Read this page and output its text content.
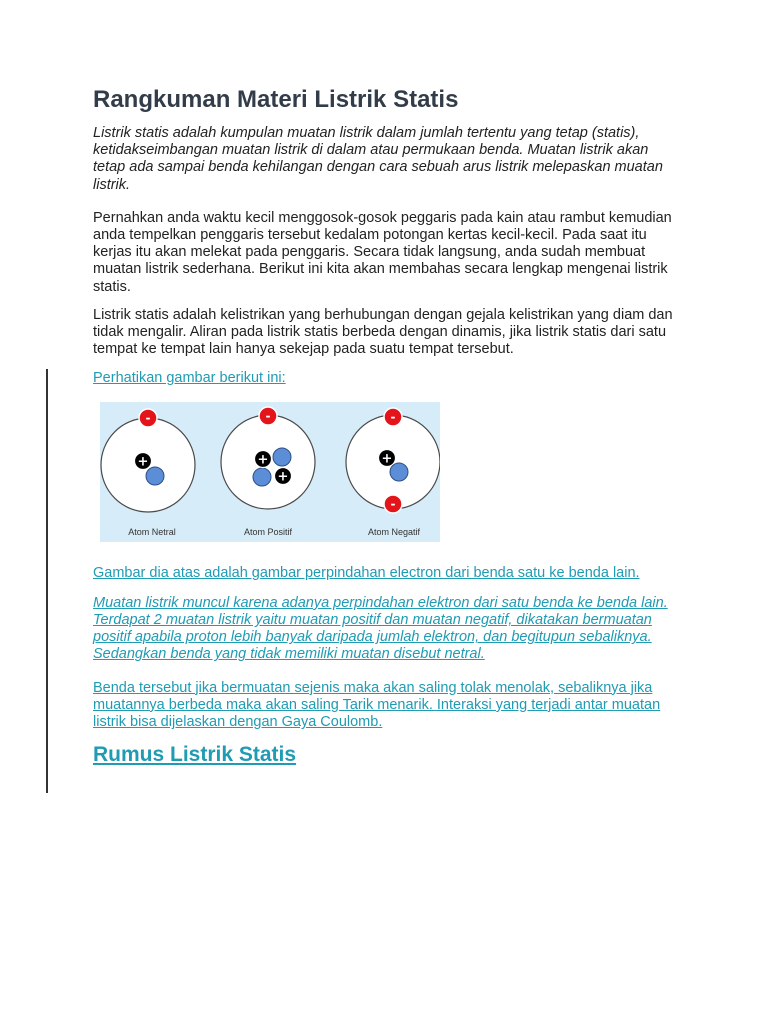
Rangkuman Materi Listrik Statis

Listrik statis adalah kumpulan muatan listrik dalam jumlah tertentu yang tetap (statis), ketidakseimbangan muatan listrik di dalam atau permukaan benda. Muatan listrik akan tetap ada sampai benda kehilangan dengan cara sebuah arus listrik melepaskan muatan listrik.

Pernahkan anda waktu kecil menggosok-gosok peggaris pada kain atau rambut kemudian anda tempelkan penggaris tersebut kedalam potongan kertas kecil-kecil. Pada saat itu kerjas itu akan melekat pada penggaris. Secara tidak langsung, anda sudah membuat muatan listrik sederhana. Berikut ini kita akan membahas secara lengkap mengenai listrik statis.

Listrik statis adalah kelistrikan yang berhubungan dengan gejala kelistrikan yang diam dan tidak mengalir. Aliran pada listrik statis berbeda dengan dinamis, jika listrik statis dari satu tempat ke tempat lain hanya sekejap pada suatu tempat tersebut.

Perhatikan gambar berikut ini:

-
+
Atom Netral
-
+
+
Atom Positif
-
-
+
Atom Negatif

Gambar dia atas adalah gambar perpindahan electron dari benda satu ke benda lain.

Muatan listrik muncul karena adanya perpindahan elektron dari satu benda ke benda lain. Terdapat 2 muatan listrik yaitu muatan positif dan muatan negatif, dikatakan bermuatan positif apabila proton lebih banyak daripada jumlah elektron, dan begitupun sebaliknya. Sedangkan benda yang tidak memiliki muatan disebut netral.

Benda tersebut jika bermuatan sejenis maka akan saling tolak menolak, sebaliknya jika muatannya berbeda maka akan saling Tarik menarik. Interaksi yang terjadi antar muatan listrik bisa dijelaskan dengan Gaya Coulomb.

Rumus Listrik Statis
